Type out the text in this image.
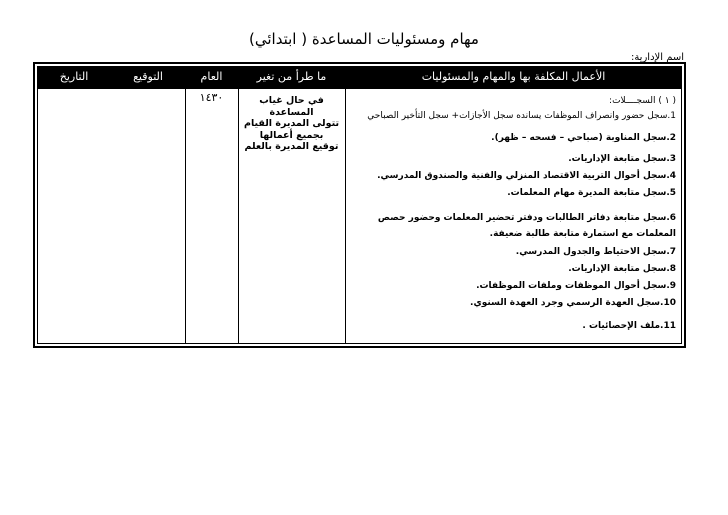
مهام ومسئوليات المساعدة ( ابتدائي)
اسم الإدارية:
الأعمال المكلفة بها والمهام والمسئوليات
ما طرأ من تغير
العام
التوقيع
التاريخ
١٤٣٠	في حال غياب المساعدة
تتولى المديرة القيام
بجميع أعمالها
توقيع المديرة بالعلم
( ١ ) السجــــلات:
1.سجل حضور وانصراف الموظفات يسانده سجل الأجازات+ سجل التأخير الصباحي
2.سجل المناوبة (صباحي – فسحه – ظهر).
3.سجل متابعة الإداريات.
4.سجل أحوال التربية الاقتصاد المنزلي والفنية والصندوق المدرسي.
5.سجل متابعة المديرة مهام المعلمات.
6.سجل متابعة دفاتر الطالبات ودفتر تحضير المعلمات وحضور حصص المعلمات مع استمارة متابعة طالبة ضعيفة.
7.سجل الاحتياط والجدول المدرسي.
8.سجل متابعة الإداريات.
9.سجل أحوال الموظفات وملفات الموظفات.
10.سجل العهدة الرسمي وجرد العهدة السنوي.
11.ملف الإحصائيات .
